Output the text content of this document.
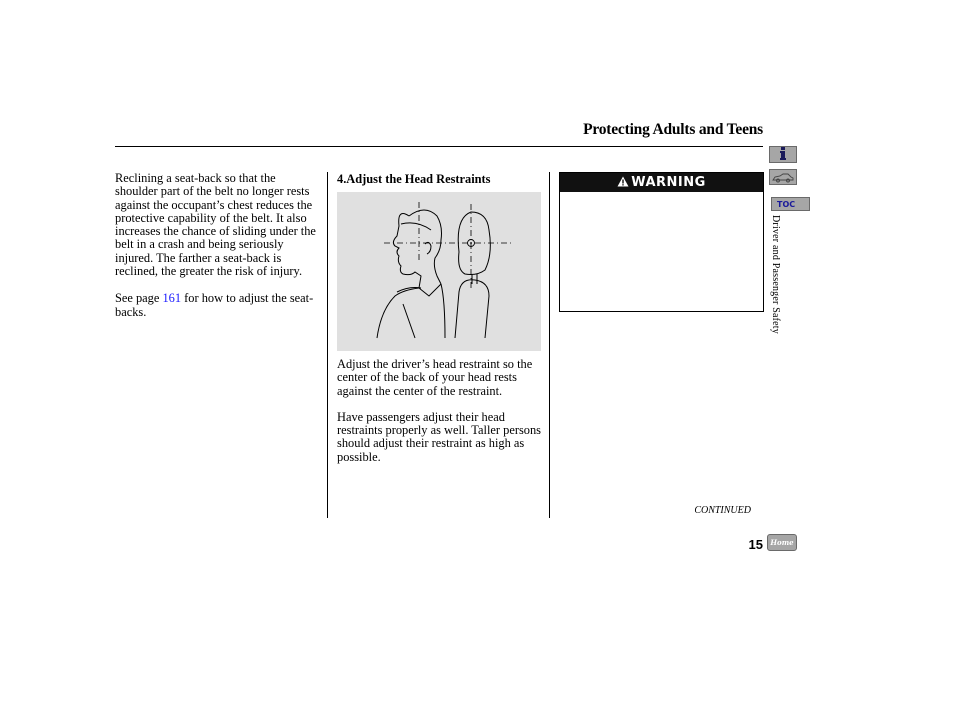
Protecting Adults and Teens

Reclining a seat-back so that the shoulder part of the belt no longer rests against the occupant’s chest reduces the protective capability of the belt. It also increases the chance of sliding under the belt in a crash and being seriously injured. The farther a seat-back is reclined, the greater the risk of injury.

See page 161 for how to adjust the seat-backs.

4.Adjust the Head Restraints

Adjust the driver’s head restraint so the center of the back of your head rests against the center of the restraint.

Have passengers adjust their head restraints properly as well. Taller persons should adjust their restraint as high as possible.

WARNING
CONTINUED
15
TOC
Driver and Passenger Safety
Home
